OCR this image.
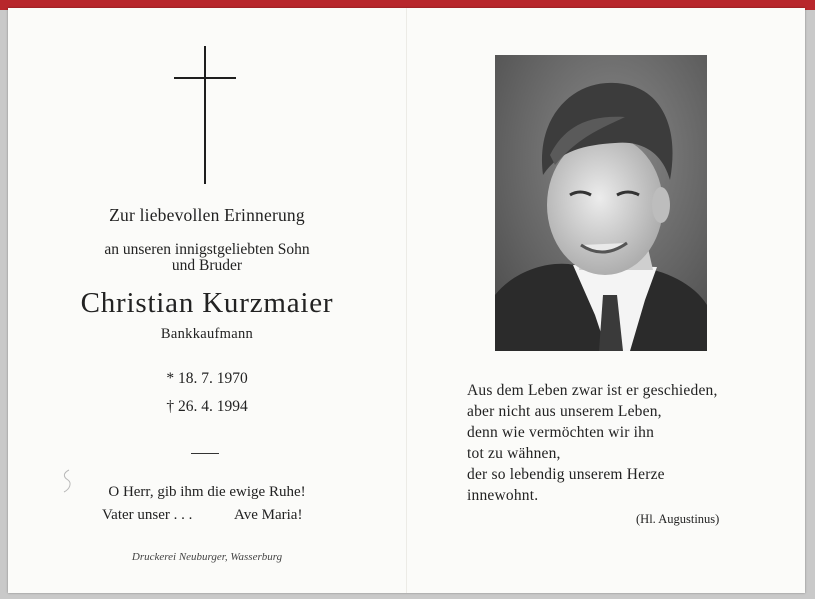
Zur liebevollen Erinnerung
an unseren innigstgeliebten Sohn
und Bruder
Christian Kurzmaier
Bankkaufmann
* 18. 7. 1970
† 26. 4. 1994
O Herr, gib ihm die ewige Ruhe!
Vater unser . . .	Ave Maria!
Druckerei Neuburger, Wasserburg
Aus dem Leben zwar ist er geschieden,
aber nicht aus unserem Leben,
denn wie vermöchten wir ihn
tot zu wähnen,
der so lebendig unserem Herze
innewohnt.
(Hl. Augustinus)
